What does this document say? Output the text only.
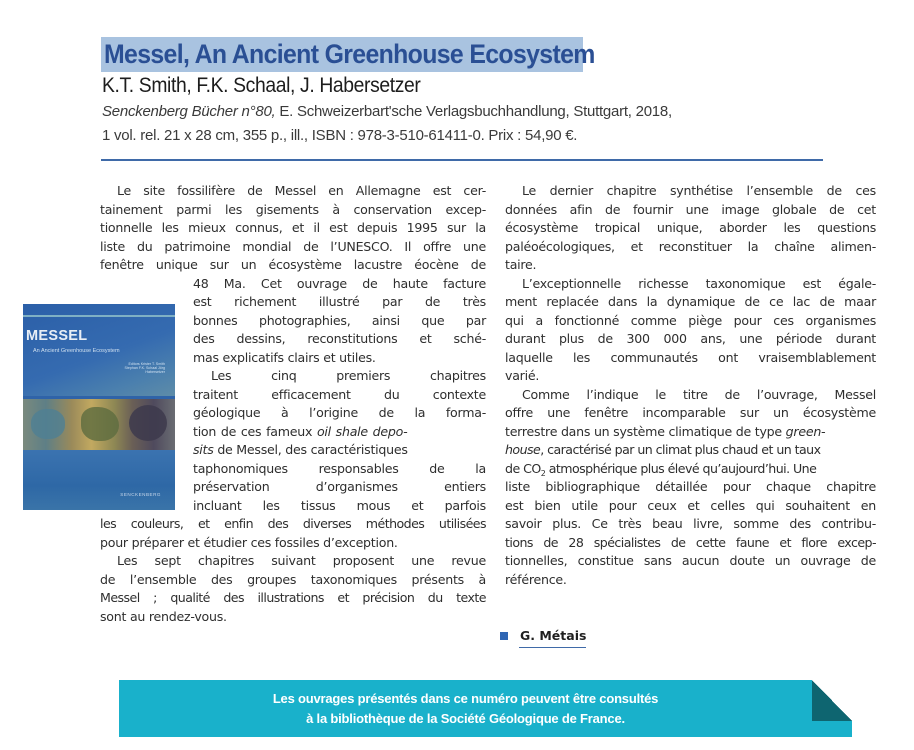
Messel, An Ancient Greenhouse Ecosystem
K.T. Smith, F.K. Schaal, J. Habersetzer
Senckenberg Bücher n°80, E. Schweizerbart'sche Verlagsbuchhandlung, Stuttgart, 2018,
1 vol. rel. 21 x 28 cm, 355 p., ill., ISBN : 978-3-510-61411-0. Prix : 54,90 €.
MESSEL
An Ancient Greenhouse Ecosystem
Editors Krister T. Smith Stephan F.K. Schaal Jörg Habersetzer
SENCKENBERG
Le site fossilifère de Messel en Allemagne est cer-
tainement parmi les gisements à conservation excep-
tionnelle les mieux connus, et il est depuis 1995 sur la
liste du patrimoine mondial de l’UNESCO. Il offre une
fenêtre unique sur un écosystème lacustre éocène de
48 Ma. Cet ouvrage de haute facture
est richement illustré par de très
bonnes photographies, ainsi que par
des dessins, reconstitutions et sché-
mas explicatifs clairs et utiles.
Les cinq premiers chapitres
traitent efficacement du contexte
géologique à l’origine de la forma-
tion de ces fameux oil shale depo-
sits de Messel, des caractéristiques
taphonomiques responsables de la
préservation d’organismes entiers
incluant les tissus mous et parfois
les couleurs, et enfin des diverses méthodes utilisées
pour préparer et étudier ces fossiles d’exception.
Les sept chapitres suivant proposent une revue
de l’ensemble des groupes taxonomiques présents à
Messel ; qualité des illustrations et précision du texte
sont au rendez-vous.
Le dernier chapitre synthétise l’ensemble de ces
données afin de fournir une image globale de cet
écosystème tropical unique, aborder les questions
paléoécologiques, et reconstituer la chaîne alimen-
taire.
L’exceptionnelle richesse taxonomique est égale-
ment replacée dans la dynamique de ce lac de maar
qui a fonctionné comme piège pour ces organismes
durant plus de 300 000 ans, une période durant
laquelle les communautés ont vraisemblablement
varié.
Comme l’indique le titre de l’ouvrage, Messel
offre une fenêtre incomparable sur un écosystème
terrestre dans un système climatique de type green-
house, caractérisé par un climat plus chaud et un taux
de $CO_2$ atmosphérique plus élevé qu’aujourd’hui. Une
liste bibliographique détaillée pour chaque chapitre
est bien utile pour ceux et celles qui souhaitent en
savoir plus. Ce très beau livre, somme des contribu-
tions de 28 spécialistes de cette faune et flore excep-
tionnelles, constitue sans aucun doute un ouvrage de
référence.
G. Métais
Les ouvrages présentés dans ce numéro peuvent être consultés
à la bibliothèque de la Société Géologique de France.
